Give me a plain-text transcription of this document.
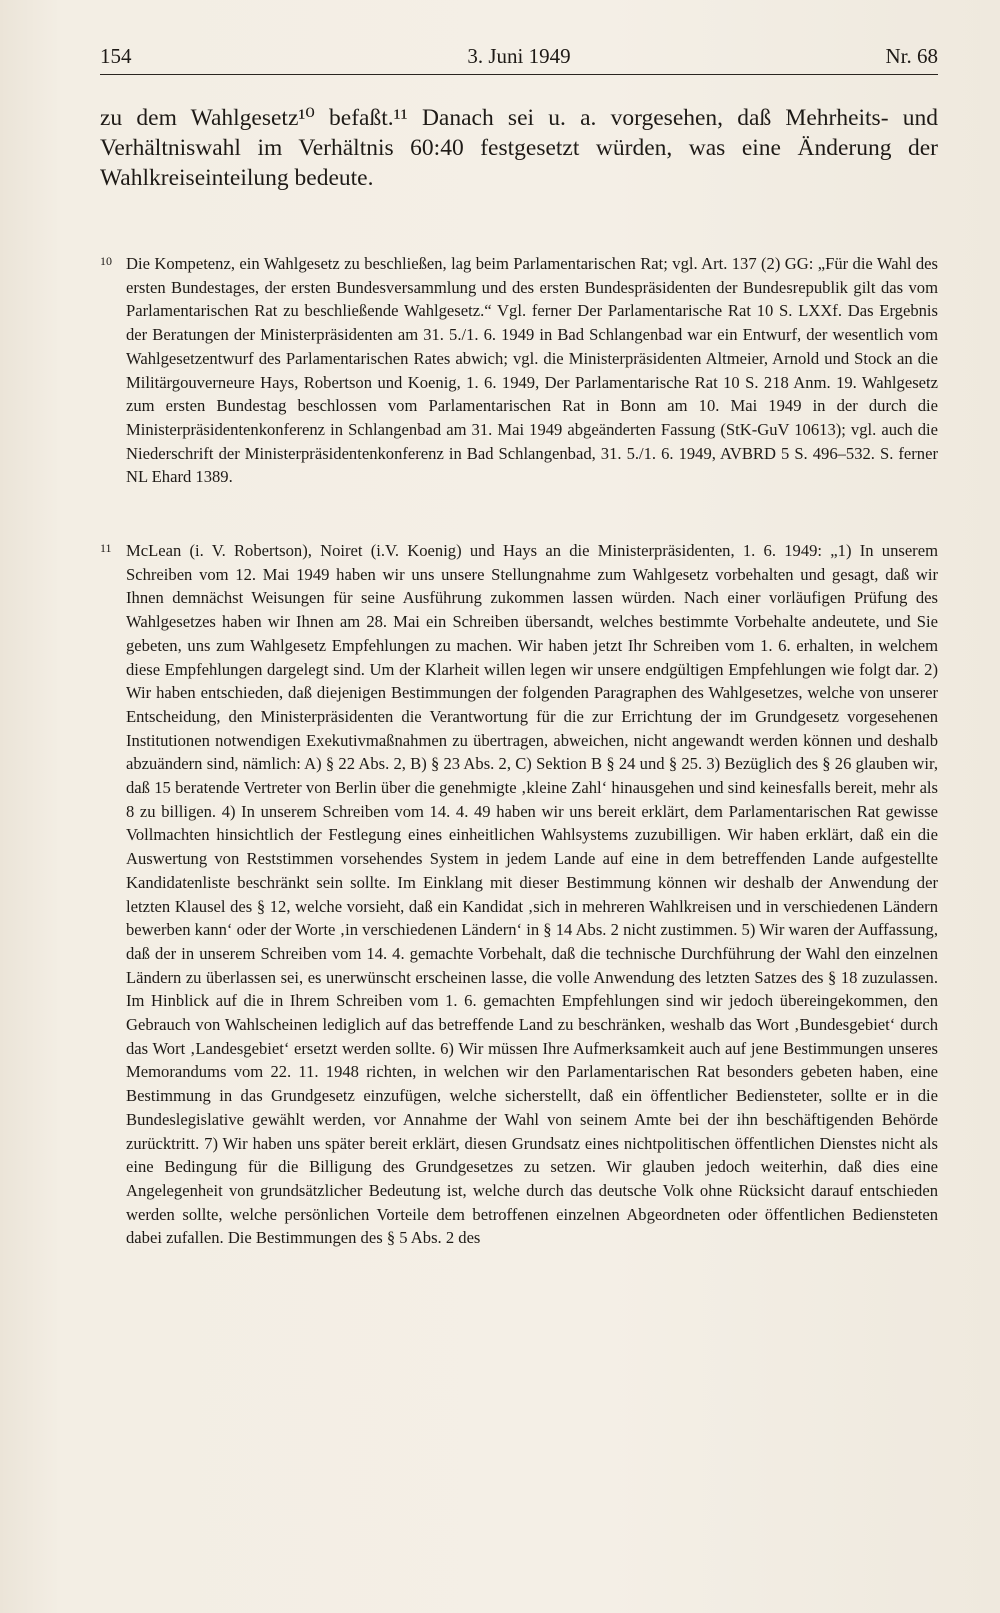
154	3. Juni 1949	Nr. 68
zu dem Wahlgesetz¹⁰ befaßt.¹¹ Danach sei u. a. vorgesehen, daß Mehrheits- und Verhältniswahl im Verhältnis 60:40 festgesetzt würden, was eine Änderung der Wahlkreiseinteilung bedeute.
10 Die Kompetenz, ein Wahlgesetz zu beschließen, lag beim Parlamentarischen Rat; vgl. Art. 137 (2) GG: „Für die Wahl des ersten Bundestages, der ersten Bundesversammlung und des ersten Bundespräsidenten der Bundesrepublik gilt das vom Parlamentarischen Rat zu beschließende Wahlgesetz.“ Vgl. ferner Der Parlamentarische Rat 10 S. LXXf. Das Ergebnis der Beratungen der Ministerpräsidenten am 31. 5./1. 6. 1949 in Bad Schlangenbad war ein Entwurf, der wesentlich vom Wahlgesetzentwurf des Parlamentarischen Rates abwich; vgl. die Ministerpräsidenten Altmeier, Arnold und Stock an die Militärgouverneure Hays, Robertson und Koenig, 1. 6. 1949, Der Parlamentarische Rat 10 S. 218 Anm. 19. Wahlgesetz zum ersten Bundestag beschlossen vom Parlamentarischen Rat in Bonn am 10. Mai 1949 in der durch die Ministerpräsidentenkonferenz in Schlangenbad am 31. Mai 1949 abgeänderten Fassung (StK-GuV 10613); vgl. auch die Niederschrift der Ministerpräsidentenkonferenz in Bad Schlangenbad, 31. 5./1. 6. 1949, AVBRD 5 S. 496–532. S. ferner NL Ehard 1389.
11 McLean (i. V. Robertson), Noiret (i.V. Koenig) und Hays an die Ministerpräsidenten, 1. 6. 1949: „1) In unserem Schreiben vom 12. Mai 1949 haben wir uns unsere Stellungnahme zum Wahlgesetz vorbehalten und gesagt, daß wir Ihnen demnächst Weisungen für seine Ausführung zukommen lassen würden. Nach einer vorläufigen Prüfung des Wahlgesetzes haben wir Ihnen am 28. Mai ein Schreiben übersandt, welches bestimmte Vorbehalte andeutete, und Sie gebeten, uns zum Wahlgesetz Empfehlungen zu machen. Wir haben jetzt Ihr Schreiben vom 1. 6. erhalten, in welchem diese Empfehlungen dargelegt sind. Um der Klarheit willen legen wir unsere endgültigen Empfehlungen wie folgt dar. 2) Wir haben entschieden, daß diejenigen Bestimmungen der folgenden Paragraphen des Wahlgesetzes, welche von unserer Entscheidung, den Ministerpräsidenten die Verantwortung für die zur Errichtung der im Grundgesetz vorgesehenen Institutionen notwendigen Exekutivmaßnahmen zu übertragen, abweichen, nicht angewandt werden können und deshalb abzuändern sind, nämlich: A) § 22 Abs. 2, B) § 23 Abs. 2, C) Sektion B § 24 und § 25. 3) Bezüglich des § 26 glauben wir, daß 15 beratende Vertreter von Berlin über die genehmigte ‚kleine Zahl‘ hinausgehen und sind keinesfalls bereit, mehr als 8 zu billigen. 4) In unserem Schreiben vom 14. 4. 49 haben wir uns bereit erklärt, dem Parlamentarischen Rat gewisse Vollmachten hinsichtlich der Festlegung eines einheitlichen Wahlsystems zuzubilligen. Wir haben erklärt, daß ein die Auswertung von Reststimmen vorsehendes System in jedem Lande auf eine in dem betreffenden Lande aufgestellte Kandidatenliste beschränkt sein sollte. Im Einklang mit dieser Bestimmung können wir deshalb der Anwendung der letzten Klausel des § 12, welche vorsieht, daß ein Kandidat ‚sich in mehreren Wahlkreisen und in verschiedenen Ländern bewerben kann‘ oder der Worte ‚in verschiedenen Ländern‘ in § 14 Abs. 2 nicht zustimmen. 5) Wir waren der Auffassung, daß der in unserem Schreiben vom 14. 4. gemachte Vorbehalt, daß die technische Durchführung der Wahl den einzelnen Ländern zu überlassen sei, es unerwünscht erscheinen lasse, die volle Anwendung des letzten Satzes des § 18 zuzulassen. Im Hinblick auf die in Ihrem Schreiben vom 1. 6. gemachten Empfehlungen sind wir jedoch übereingekommen, den Gebrauch von Wahlscheinen lediglich auf das betreffende Land zu beschränken, weshalb das Wort ‚Bundesgebiet‘ durch das Wort ‚Landesgebiet‘ ersetzt werden sollte. 6) Wir müssen Ihre Aufmerksamkeit auch auf jene Bestimmungen unseres Memorandums vom 22. 11. 1948 richten, in welchen wir den Parlamentarischen Rat besonders gebeten haben, eine Bestimmung in das Grundgesetz einzufügen, welche sicherstellt, daß ein öffentlicher Bediensteter, sollte er in die Bundeslegislative gewählt werden, vor Annahme der Wahl von seinem Amte bei der ihn beschäftigenden Behörde zurücktritt. 7) Wir haben uns später bereit erklärt, diesen Grundsatz eines nichtpolitischen öffentlichen Dienstes nicht als eine Bedingung für die Billigung des Grundgesetzes zu setzen. Wir glauben jedoch weiterhin, daß dies eine Angelegenheit von grundsätzlicher Bedeutung ist, welche durch das deutsche Volk ohne Rücksicht darauf entschieden werden sollte, welche persönlichen Vorteile dem betroffenen einzelnen Abgeordneten oder öffentlichen Bediensteten dabei zufallen. Die Bestimmungen des § 5 Abs. 2 des
